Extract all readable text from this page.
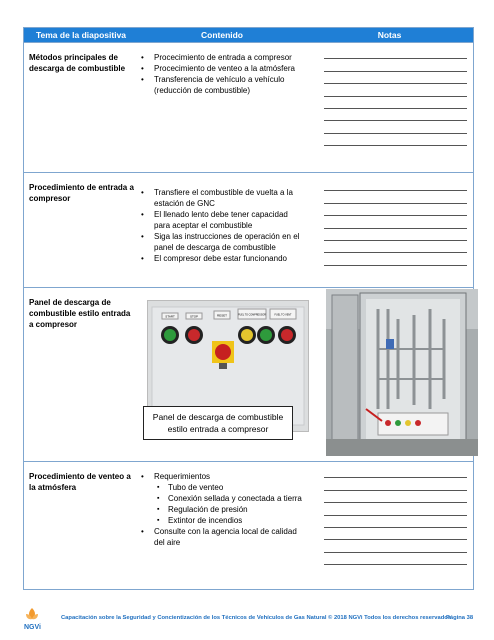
Tema de la diapositiva	Contenido	Notas
Métodos principales de descarga de combustible
• Procecimiento de entrada a compresor
• Procecimiento de venteo a la atmósfera
• Transferencia de vehículo a vehículo (reducción de combustible)
Procedimiento de entrada a compresor
• Transfiere el combustible de vuelta a la estación de GNC
• El llenado lento debe tener capacidad para aceptar el combustible
• Siga las instrucciones de operación en el panel de descarga de combustible
• El compresor debe estar funcionando
Panel de descarga de combustible estilo entrada a compresor
START	STOP	RESET	FUEL TO COMPRESSOR	FUEL TO VENT
Panel de descarga de combustible estilo entrada a compresor
Procedimiento de venteo a la atmósfera
• Requerimientos
▪ Tubo de venteo
▪ Conexión sellada y conectada a tierra
▪ Regulación de presión
▪ Extintor de incendios
• Consulte con la agencia local de calidad del aire
NGVi
Capacitación sobre la Seguridad y Concientización de los Técnicos de Vehículos de Gas Natural © 2018 NGVi Todos los derechos reservados
Página 38
